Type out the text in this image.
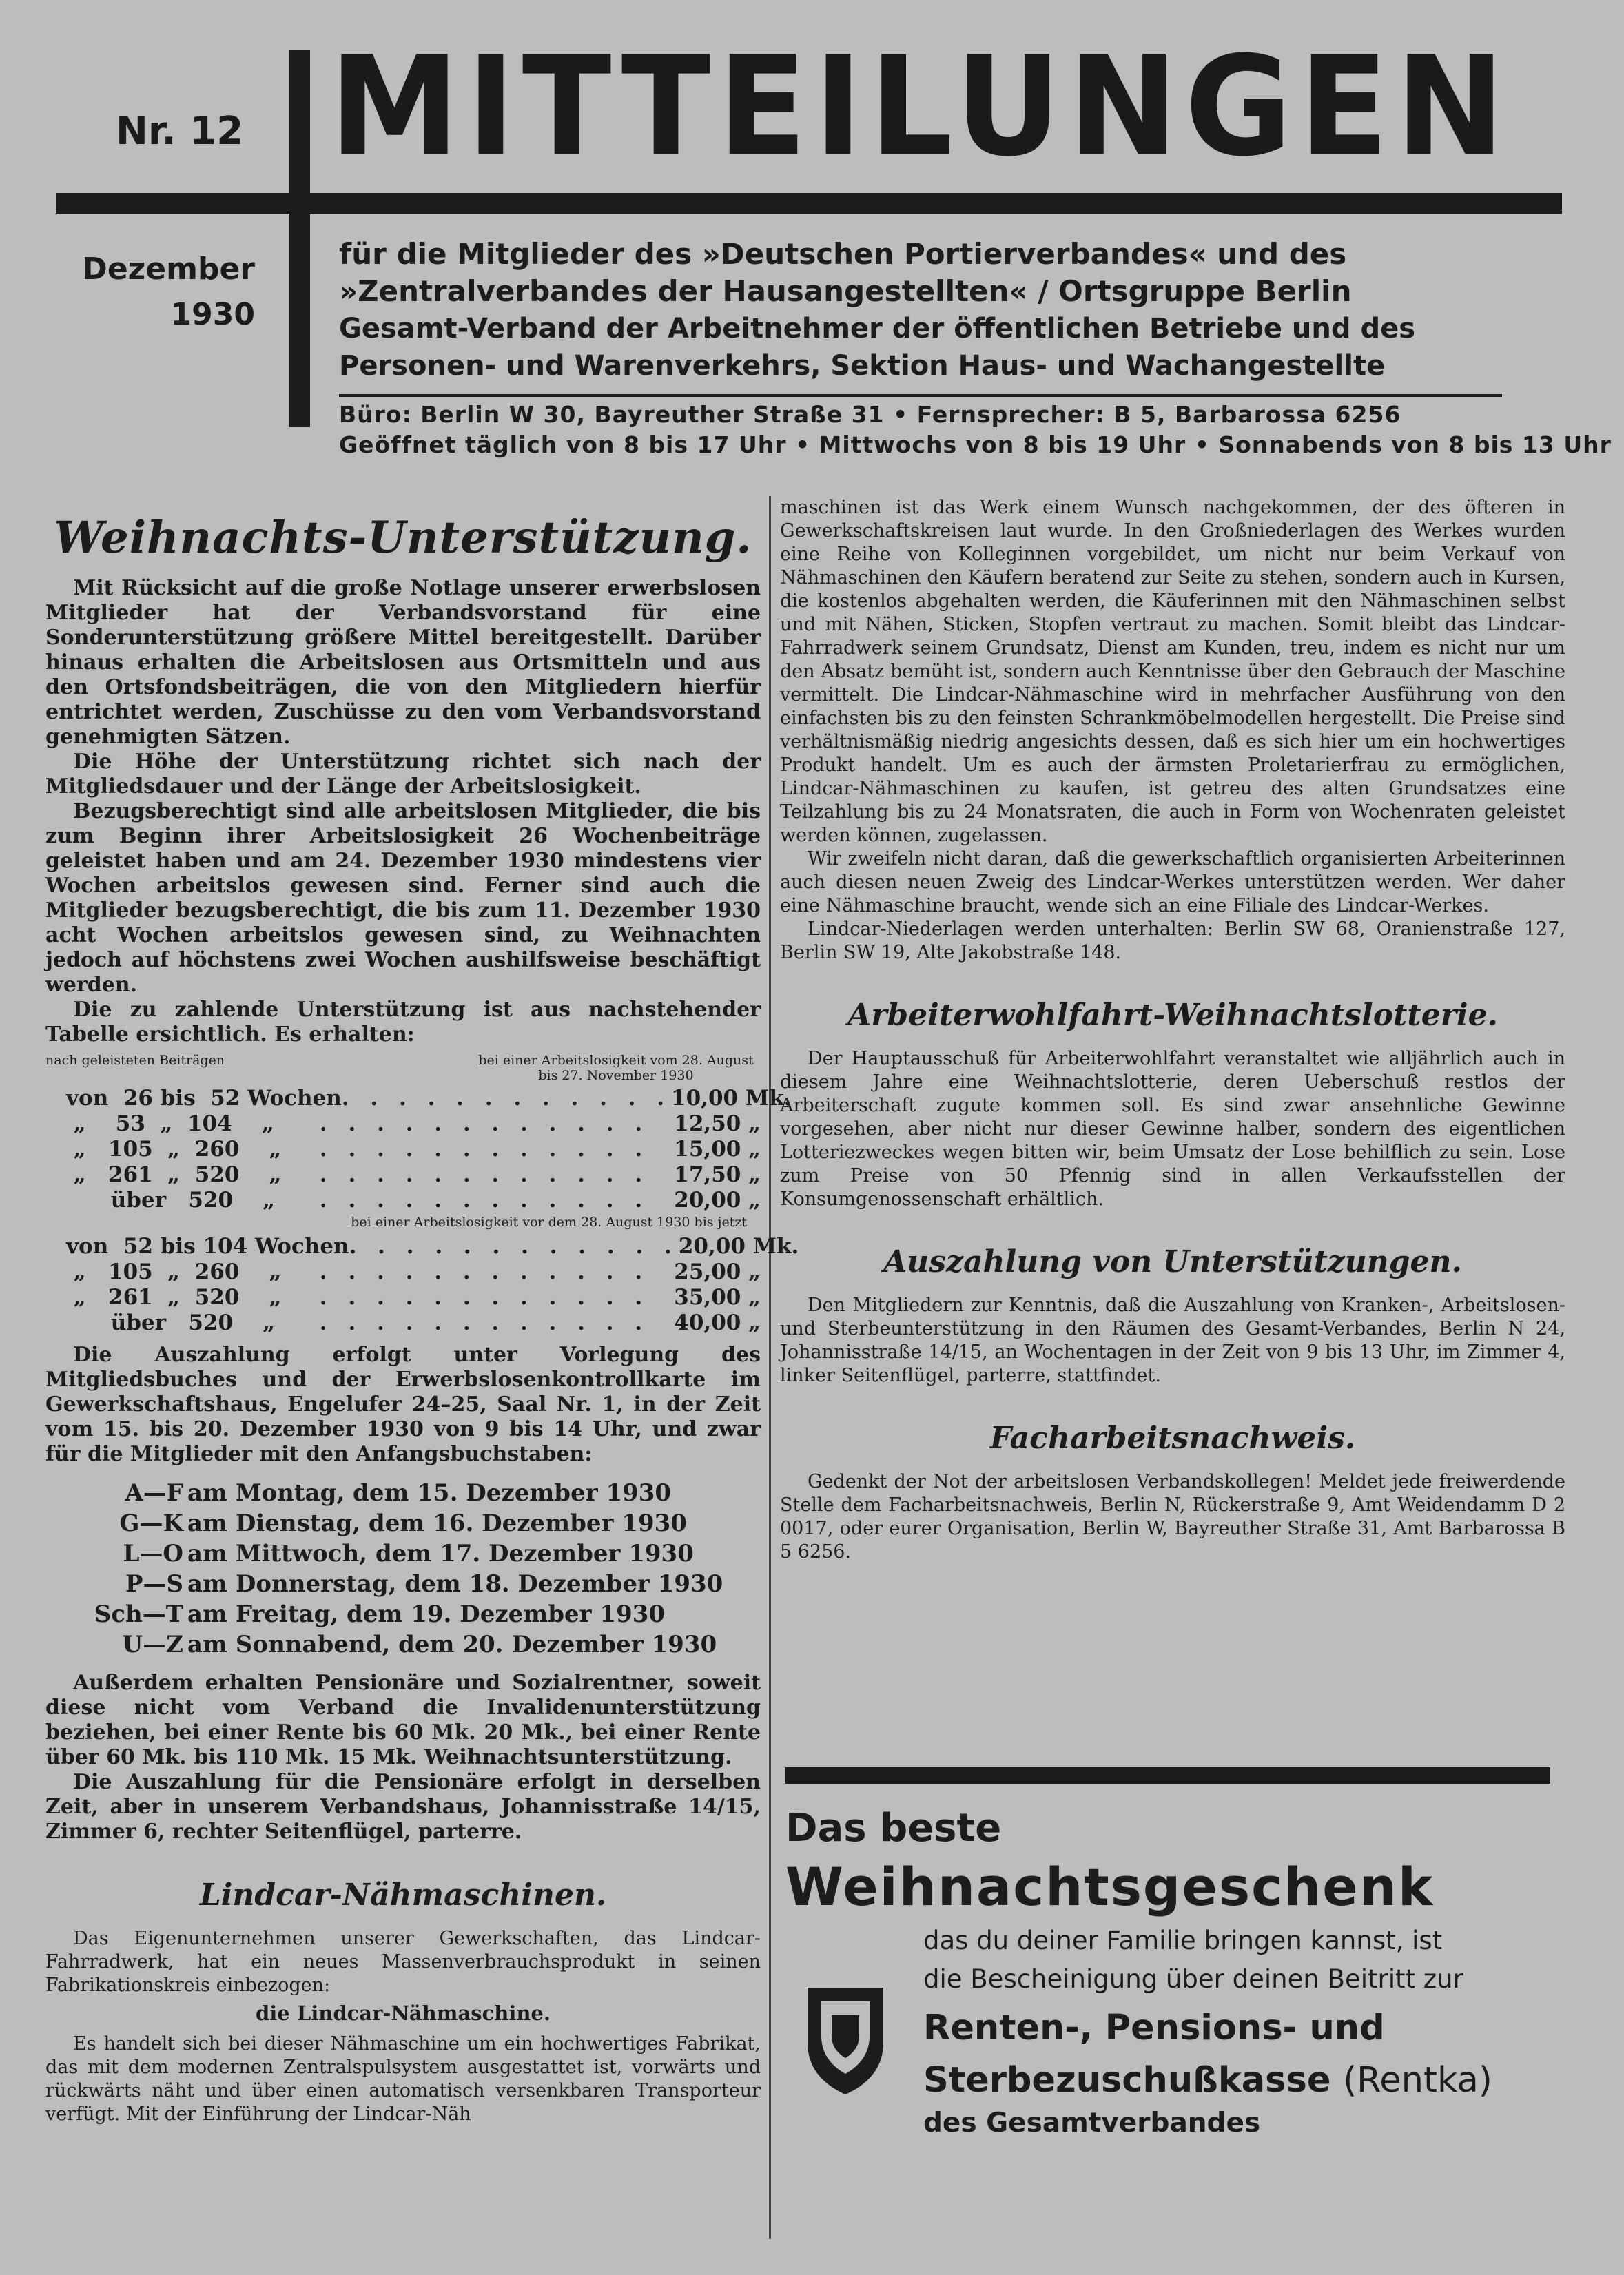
Nr. 12 MITTEILUNGEN
Dezember
1930
für die Mitglieder des »Deutschen Portierverbandes« und des
»Zentralverbandes der Hausangestellten« / Ortsgruppe Berlin
Gesamt-Verband der Arbeitnehmer der öffentlichen Betriebe und des
Personen- und Warenverkehrs, Sektion Haus- und Wachangestellte
Büro: Berlin W 30, Bayreuther Straße 31 • Fernsprecher: B 5, Barbarossa 6256
Geöffnet täglich von 8 bis 17 Uhr • Mittwochs von 8 bis 19 Uhr • Sonnabends von 8 bis 13 Uhr
Weihnachts-Unterstützung.

Mit Rücksicht auf die große Notlage unserer erwerbslosen Mitglieder hat der Verbandsvorstand für eine Sonderunterstützung größere Mittel bereitgestellt. Darüber hinaus erhalten die Arbeitslosen aus Ortsmitteln und aus den Ortsfondsbeiträgen, die von den Mitgliedern hierfür entrichtet werden, Zuschüsse zu den vom Verbandsvorstand genehmigten Sätzen.

Die Höhe der Unterstützung richtet sich nach der Mitgliedsdauer und der Länge der Arbeitslosigkeit.

Bezugsberechtigt sind alle arbeitslosen Mitglieder, die bis zum Beginn ihrer Arbeitslosigkeit 26 Wochenbeiträge geleistet haben und am 24. Dezember 1930 mindestens vier Wochen arbeitslos gewesen sind. Ferner sind auch die Mitglieder bezugsberechtigt, die bis zum 11. Dezember 1930 acht Wochen arbeitslos gewesen sind, zu Weihnachten jedoch auf höchstens zwei Wochen aushilfsweise beschäftigt werden.

Die zu zahlende Unterstützung ist aus nachstehender Tabelle ersichtlich. Es erhalten:

nach geleisteten Beiträgen	bei einer Arbeitslosigkeit vom 28. August bis 27. November 1930
von  26 bis  52 Wochen . . . . . . . . . . . . 10,00 Mk.
„    53  „  104    „	. . . . . . . . . . . .	12,50 „
„   105  „  260    „	. . . . . . . . . . . .	15,00 „
„   261  „  520    „	. . . . . . . . . . . .	17,50 „
über   520    „	. . . . . . . . . . . .	20,00 „
bei einer Arbeitslosigkeit vor dem 28. August 1930 bis jetzt
von  52 bis 104 Wochen . . . . . . . . . . . . 20,00 Mk.
„   105  „  260    „	. . . . . . . . . . . .	25,00 „
„   261  „  520    „	. . . . . . . . . . . .	35,00 „
über   520    „	. . . . . . . . . . . .	40,00 „

Die Auszahlung erfolgt unter Vorlegung des Mitgliedsbuches und der Erwerbslosenkontrollkarte im Gewerkschaftshaus, Engelufer 24–25, Saal Nr. 1, in der Zeit vom 15. bis 20. Dezember 1930 von 9 bis 14 Uhr, und zwar für die Mitglieder mit den Anfangsbuchstaben:

A—F am Montag, dem 15. Dezember 1930
G—K am Dienstag, dem 16. Dezember 1930
L—O am Mittwoch, dem 17. Dezember 1930
P—S am Donnerstag, dem 18. Dezember 1930
Sch—T am Freitag, dem 19. Dezember 1930
U—Z am Sonnabend, dem 20. Dezember 1930

Außerdem erhalten Pensionäre und Sozialrentner, soweit diese nicht vom Verband die Invalidenunterstützung beziehen, bei einer Rente bis 60 Mk. 20 Mk., bei einer Rente über 60 Mk. bis 110 Mk. 15 Mk. Weihnachtsunterstützung.

Die Auszahlung für die Pensionäre erfolgt in derselben Zeit, aber in unserem Verbandshaus, Johannisstraße 14/15, Zimmer 6, rechter Seitenflügel, parterre.

Lindcar-Nähmaschinen.

Das Eigenunternehmen unserer Gewerkschaften, das Lindcar-Fahrradwerk, hat ein neues Massenverbrauchsprodukt in seinen Fabrikationskreis einbezogen:

die Lindcar-Nähmaschine.

Es handelt sich bei dieser Nähmaschine um ein hochwertiges Fabrikat, das mit dem modernen Zentralspulsystem ausgestattet ist, vorwärts und rückwärts näht und über einen automatisch versenkbaren Transporteur verfügt. Mit der Einführung der Lindcar-Näh

maschinen ist das Werk einem Wunsch nachgekommen, der des öfteren in Gewerkschaftskreisen laut wurde. In den Großniederlagen des Werkes wurden eine Reihe von Kolleginnen vorgebildet, um nicht nur beim Verkauf von Nähmaschinen den Käufern beratend zur Seite zu stehen, sondern auch in Kursen, die kostenlos abgehalten werden, die Käuferinnen mit den Nähmaschinen selbst und mit Nähen, Sticken, Stopfen vertraut zu machen. Somit bleibt das Lindcar-Fahrradwerk seinem Grundsatz, Dienst am Kunden, treu, indem es nicht nur um den Absatz bemüht ist, sondern auch Kenntnisse über den Gebrauch der Maschine vermittelt. Die Lindcar-Nähmaschine wird in mehrfacher Ausführung von den einfachsten bis zu den feinsten Schrankmöbelmodellen hergestellt. Die Preise sind verhältnismäßig niedrig angesichts dessen, daß es sich hier um ein hochwertiges Produkt handelt. Um es auch der ärmsten Proletarierfrau zu ermöglichen, Lindcar-Nähmaschinen zu kaufen, ist getreu des alten Grundsatzes eine Teilzahlung bis zu 24 Monatsraten, die auch in Form von Wochenraten geleistet werden können, zugelassen.

Wir zweifeln nicht daran, daß die gewerkschaftlich organisierten Arbeiterinnen auch diesen neuen Zweig des Lindcar-Werkes unterstützen werden. Wer daher eine Nähmaschine braucht, wende sich an eine Filiale des Lindcar-Werkes.

Lindcar-Niederlagen werden unterhalten: Berlin SW 68, Oranienstraße 127, Berlin SW 19, Alte Jakobstraße 148.

Arbeiterwohlfahrt-Weihnachtslotterie.

Der Hauptausschuß für Arbeiterwohlfahrt veranstaltet wie alljährlich auch in diesem Jahre eine Weihnachtslotterie, deren Ueberschuß restlos der Arbeiterschaft zugute kommen soll. Es sind zwar ansehnliche Gewinne vorgesehen, aber nicht nur dieser Gewinne halber, sondern des eigentlichen Lotteriezweckes wegen bitten wir, beim Umsatz der Lose behilflich zu sein. Lose zum Preise von 50 Pfennig sind in allen Verkaufsstellen der Konsumgenossenschaft erhältlich.

Auszahlung von Unterstützungen.

Den Mitgliedern zur Kenntnis, daß die Auszahlung von Kranken-, Arbeitslosen- und Sterbeunterstützung in den Räumen des Gesamt-Verbandes, Berlin N 24, Johannisstraße 14/15, an Wochentagen in der Zeit von 9 bis 13 Uhr, im Zimmer 4, linker Seitenflügel, parterre, stattfindet.

Facharbeitsnachweis.

Gedenkt der Not der arbeitslosen Verbandskollegen! Meldet jede freiwerdende Stelle dem Facharbeitsnachweis, Berlin N, Rückerstraße 9, Amt Weidendamm D 2 0017, oder eurer Organisation, Berlin W, Bayreuther Straße 31, Amt Barbarossa B 5 6256.

Das beste
Weihnachtsgeschenk
das du deiner Familie bringen kannst, ist
die Bescheinigung über deinen Beitritt zur
Renten-, Pensions- und
Sterbezuschußkasse (Rentka)
des Gesamtverbandes
